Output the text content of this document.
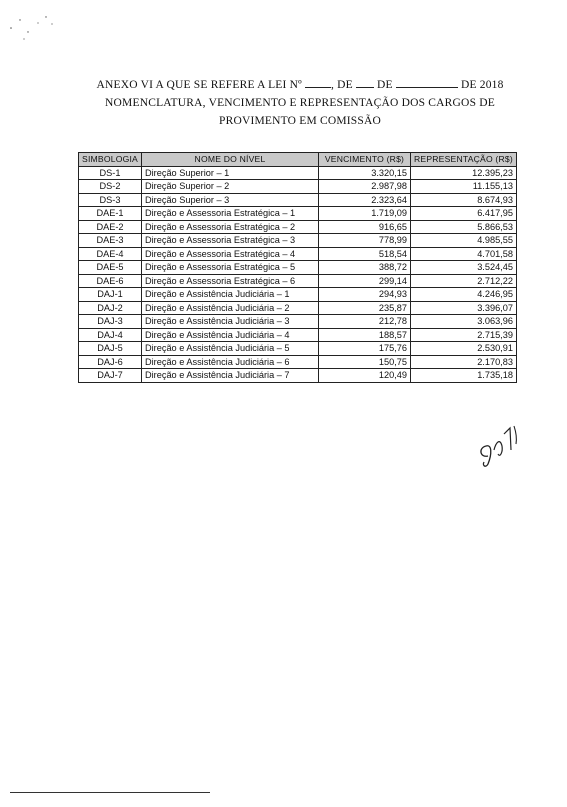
ANEXO VI A QUE SE REFERE A LEI Nº	, DE DE	DE 2018
NOMENCLATURA, VENCIMENTO E REPRESENTAÇÃO DOS CARGOS DE
PROVIMENTO EM COMISSÃO
SIMBOLOGIA	NOME DO NÍVEL	VENCIMENTO (R$)	REPRESENTAÇÃO (R$)
DS-1	Direção Superior – 1	3.320,15	12.395,23
DS-2	Direção Superior – 2	2.987,98	11.155,13
DS-3	Direção Superior – 3	2.323,64	8.674,93
DAE-1	Direção e Assessoria Estratégica – 1	1.719,09	6.417,95
DAE-2	Direção e Assessoria Estratégica – 2	916,65	5.866,53
DAE-3	Direção e Assessoria Estratégica – 3	778,99	4.985,55
DAE-4	Direção e Assessoria Estratégica – 4	518,54	4.701,58
DAE-5	Direção e Assessoria Estratégica – 5	388,72	3.524,45
DAE-6	Direção e Assessoria Estratégica – 6	299,14	2.712,22
DAJ-1	Direção e Assistência Judiciária – 1	294,93	4.246,95
DAJ-2	Direção e Assistência Judiciária – 2	235,87	3.396,07
DAJ-3	Direção e Assistência Judiciária – 3	212,78	3.063,96
DAJ-4	Direção e Assistência Judiciária – 4	188,57	2.715,39
DAJ-5	Direção e Assistência Judiciária – 5	175,76	2.530,91
DAJ-6	Direção e Assistência Judiciária – 6	150,75	2.170,83
DAJ-7	Direção e Assistência Judiciária – 7	120,49	1.735,18
